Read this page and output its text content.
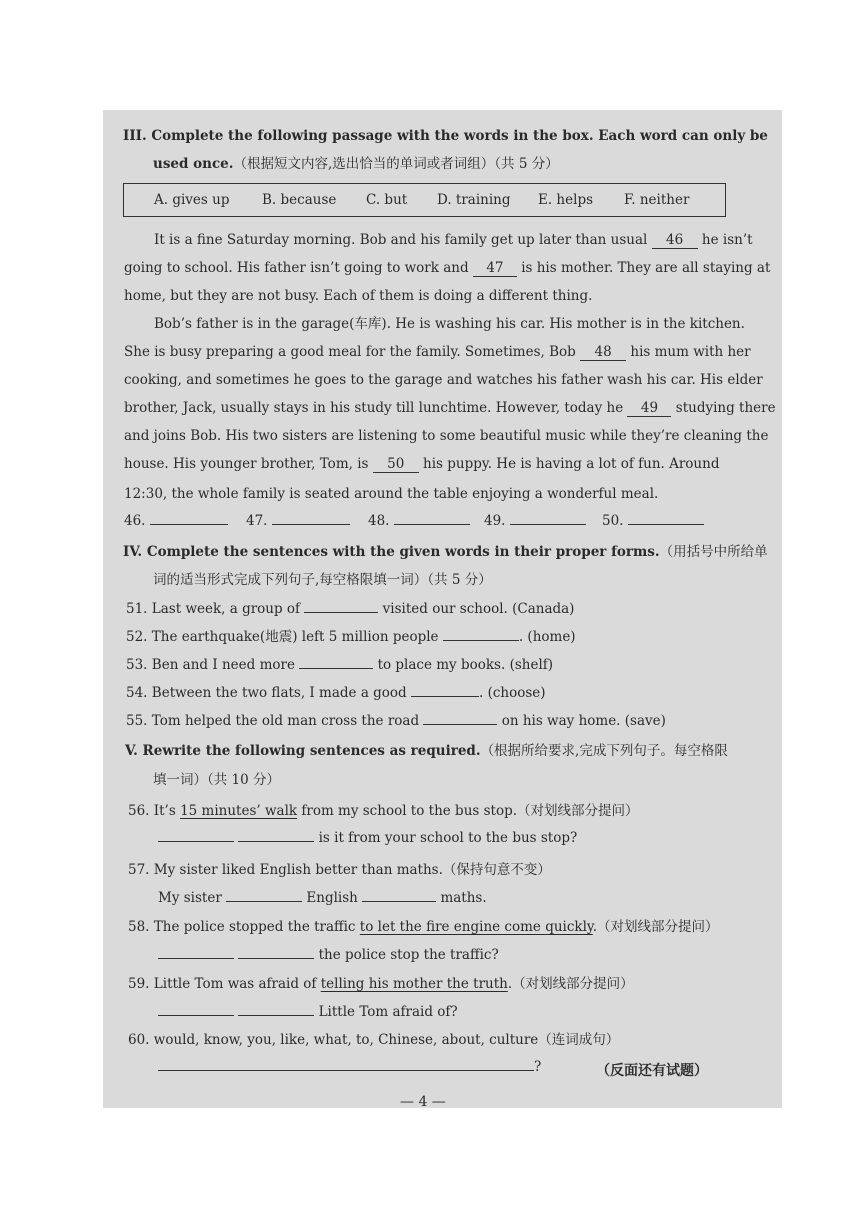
III. Complete the following passage with the words in the box. Each word can only be
used once.（根据短文内容,选出恰当的单词或者词组）（共 5 分）
A. gives up B. because C. but D. training E. helps F. neither
It is a fine Saturday morning. Bob and his family get up later than usual 46 he isn’t
going to school. His father isn’t going to work and 47 is his mother. They are all staying at
home, but they are not busy. Each of them is doing a different thing.
Bob’s father is in the garage(车库). He is washing his car. His mother is in the kitchen.
She is busy preparing a good meal for the family. Sometimes, Bob 48 his mum with her
cooking, and sometimes he goes to the garage and watches his father wash his car. His elder
brother, Jack, usually stays in his study till lunchtime. However, today he 49 studying there
and joins Bob. His two sisters are listening to some beautiful music while they’re cleaning the
house. His younger brother, Tom, is 50 his puppy. He is having a lot of fun. Around
12:30, the whole family is seated around the table enjoying a wonderful meal.
46.	47.	48.	49.	50.
IV. Complete the sentences with the given words in their proper forms.（用括号中所给单
词的适当形式完成下列句子,每空格限填一词）（共 5 分）
51. Last week, a group of	visited our school. (Canada)
52. The earthquake(地震) left 5 million people	. (home)
53. Ben and I need more	to place my books. (shelf)
54. Between the two flats, I made a good	. (choose)
55. Tom helped the old man cross the road	on his way home. (save)
V. Rewrite the following sentences as required.（根据所给要求,完成下列句子。每空格限
填一词）（共 10 分）
56. It’s 15 minutes’ walk from my school to the bus stop.（对划线部分提问）
is it from your school to the bus stop?
57. My sister liked English better than maths.（保持句意不变）
My sister	English	maths.
58. The police stopped the traffic to let the fire engine come quickly.（对划线部分提问）
the police stop the traffic?
59. Little Tom was afraid of telling his mother the truth.（对划线部分提问）
Little Tom afraid of?
60. would, know, you, like, what, to, Chinese, about, culture（连词成句）
?	（反面还有试题）
— 4 —
